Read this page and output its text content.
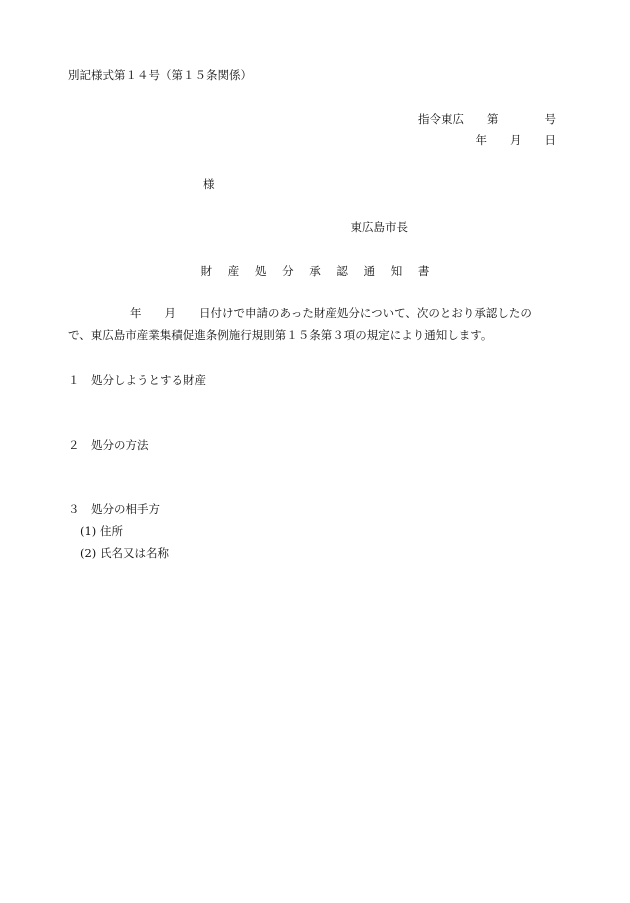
別記様式第１４号（第１５条関係）
指令東広　　第　　　　号
年　　月　　日
様
東広島市長
財 産 処 分 承 認 通 知 書
年　　月　　日付けで申請のあった財産処分について、次のとおり承認したの
で、東広島市産業集積促進条例施行規則第１５条第３項の規定により通知します。
１　処分しようとする財産
２　処分の方法
３　処分の相手方
(1) 住所
(2) 氏名又は名称
